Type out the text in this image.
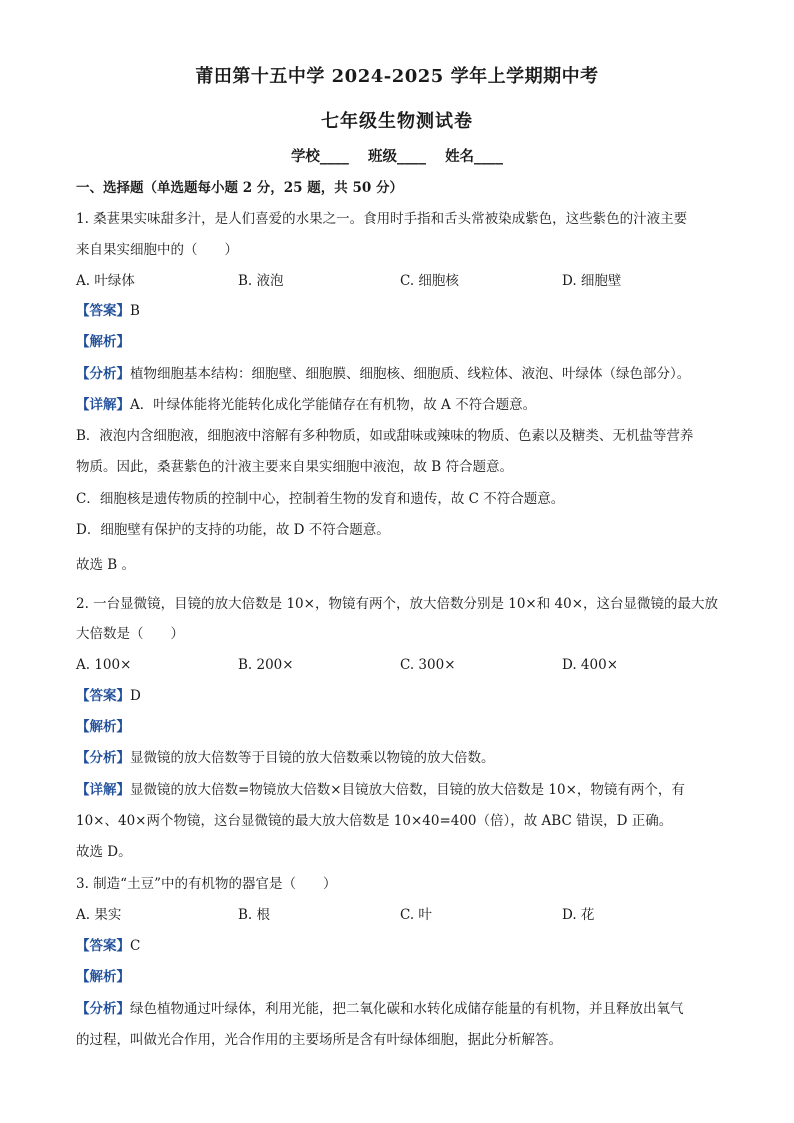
莆田第十五中学 2024-2025 学年上学期期中考
七年级生物测试卷
学校____ 班级____ 姓名____
一、选择题（单选题每小题 2 分，25 题，共 50 分）
1. 桑葚果实味甜多汁，是人们喜爱的水果之一。食用时手指和舌头常被染成紫色，这些紫色的汁液主要
来自果实细胞中的（　　）
A. 叶绿体	B. 液泡	C. 细胞核	D. 细胞壁
【答案】B
【解析】
【分析】植物细胞基本结构：细胞壁、细胞膜、细胞核、细胞质、线粒体、液泡、叶绿体（绿色部分）。
【详解】A．叶绿体能将光能转化成化学能储存在有机物，故 A 不符合题意。
B．液泡内含细胞液，细胞液中溶解有多种物质，如或甜味或辣味的物质、色素以及糖类、无机盐等营养
物质。因此，桑葚紫色的汁液主要来自果实细胞中液泡，故 B 符合题意。
C．细胞核是遗传物质的控制中心，控制着生物的发育和遗传，故 C 不符合题意。
D．细胞壁有保护的支持的功能，故 D 不符合题意。
故选 B 。
2. 一台显微镜，目镜的放大倍数是 10×，物镜有两个，放大倍数分别是 10×和 40×，这台显微镜的最大放
大倍数是（　　）
A. 100×	B. 200×	C. 300×	D. 400×
【答案】D
【解析】
【分析】显微镜的放大倍数等于目镜的放大倍数乘以物镜的放大倍数。
【详解】显微镜的放大倍数=物镜放大倍数×目镜放大倍数，目镜的放大倍数是 10×，物镜有两个，有
10×、40×两个物镜，这台显微镜的最大放大倍数是 10×40=400（倍），故 ABC 错误，D 正确。
故选 D。
3. 制造“土豆”中的有机物的器官是（　　）
A. 果实	B. 根	C. 叶	D. 花
【答案】C
【解析】
【分析】绿色植物通过叶绿体，利用光能，把二氧化碳和水转化成储存能量的有机物，并且释放出氧气
的过程，叫做光合作用，光合作用的主要场所是含有叶绿体细胞，据此分析解答。
